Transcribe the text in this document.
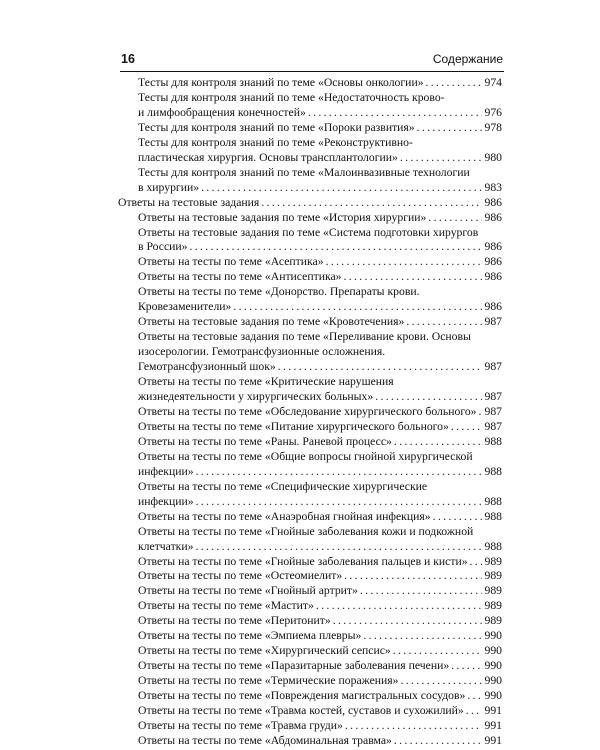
16	Содержание
Тесты для контроля знаний по теме «Основы онкологии» . . .	974
Тесты для контроля знаний по теме «Недостаточность крово-
и лимфообращения конечностей» . . .	976
Тесты для контроля знаний по теме «Пороки развития» . . .	978
Тесты для контроля знаний по теме «Реконструктивно-
пластическая хирургия. Основы трансплантологии» . . .	980
Тесты для контроля знаний по теме «Малоинвазивные технологии
в хирургии» . . .	983
Ответы на тестовые задания . . .	986
Ответы на тестовые задания по теме «История хирургии» . . .	986
Ответы на тестовые задания по теме «Система подготовки хирургов
в России» . . .	986
Ответы на тесты по теме «Асептика» . . .	986
Ответы на тесты по теме «Антисептика» . . .	986
Ответы на тесты по теме «Донорство. Препараты крови.
Кровезаменители» . . .	986
Ответы на тестовые задания по теме «Кровотечения» . . .	987
Ответы на тестовые задания по теме «Переливание крови. Основы
изосерологии. Гемотрансфузионные осложнения.
Гемотрансфузионный шок» . . .	987
Ответы на тесты по теме «Критические нарушения
жизнедеятельности у хирургических больных» . . .	987
Ответы на тесты по теме «Обследование хирургического больного» . . . 987
Ответы на тесты по теме «Питание хирургического больного» . . .	987
Ответы на тесты по теме «Раны. Раневой процесс» . . .	988
Ответы на тесты по теме «Общие вопросы гнойной хирургической
инфекции» . . .	988
Ответы на тесты по теме «Специфические хирургические
инфекции» . . .	988
Ответы на тесты по теме «Анаэробная гнойная инфекция» . . .	988
Ответы на тесты по теме «Гнойные заболевания кожи и подкожной
клетчатки» . . .	988
Ответы на тесты по теме «Гнойные заболевания пальцев и кисти» . . . 989
Ответы на тесты по теме «Остеомиелит» . . .	989
Ответы на тесты по теме «Гнойный артрит» . . .	989
Ответы на тесты по теме «Мастит» . . .	989
Ответы на тесты по теме «Перитонит» . . .	989
Ответы на тесты по теме «Эмпиема плевры» . . .	990
Ответы на тесты по теме «Хирургический сепсис» . . .	990
Ответы на тесты по теме «Паразитарные заболевания печени» . . .	990
Ответы на тесты по теме «Термические поражения» . . .	990
Ответы на тесты по теме «Повреждения магистральных сосудов» . . . 990
Ответы на тесты по теме «Травма костей, суставов и сухожилий» . . . 991
Ответы на тесты по теме «Травма груди» . . .	991
Ответы на тесты по теме «Абдоминальная травма» . . .	991
